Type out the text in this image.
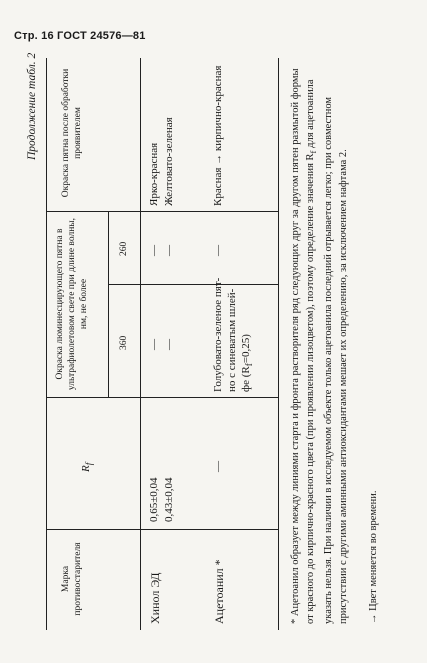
Стр. 16 ГОСТ 24576—81
Продолжение табл. 2
Марка противостарителя
$R_f$
Окраска люминесцирующего пятна в ультрафиолетовом свете при длине волны, нм, не более
360
260
Окраска пятна после обработки проявителем
Хинол ЭД
0,65±0,04 0,43±0,04
— —
— —
Ярко-красная Желтовато-зеленая
Ацетоанил *
—
Голубовато-зеленое пят- но с синеватым шлей- фе $(R_f=0,25)$
—
Красная → кирпично-красная	* Ацетоанил образует между линиями старта и фронта растворителя ряд следующих друг за другом пятен размытой формы от красного до кирпично-красного цвета (при проявлении лизоцветом), поэтому определение значения $R_f$ для ацетоанила указать нельзя. При наличии в исследуемом объекте только ацетоанила последний отрывается легко; при совместном присутствии с другими аминными антиоксидантами мешает их определению, за исключением нафтама 2. → Цвет меняется во времени.
